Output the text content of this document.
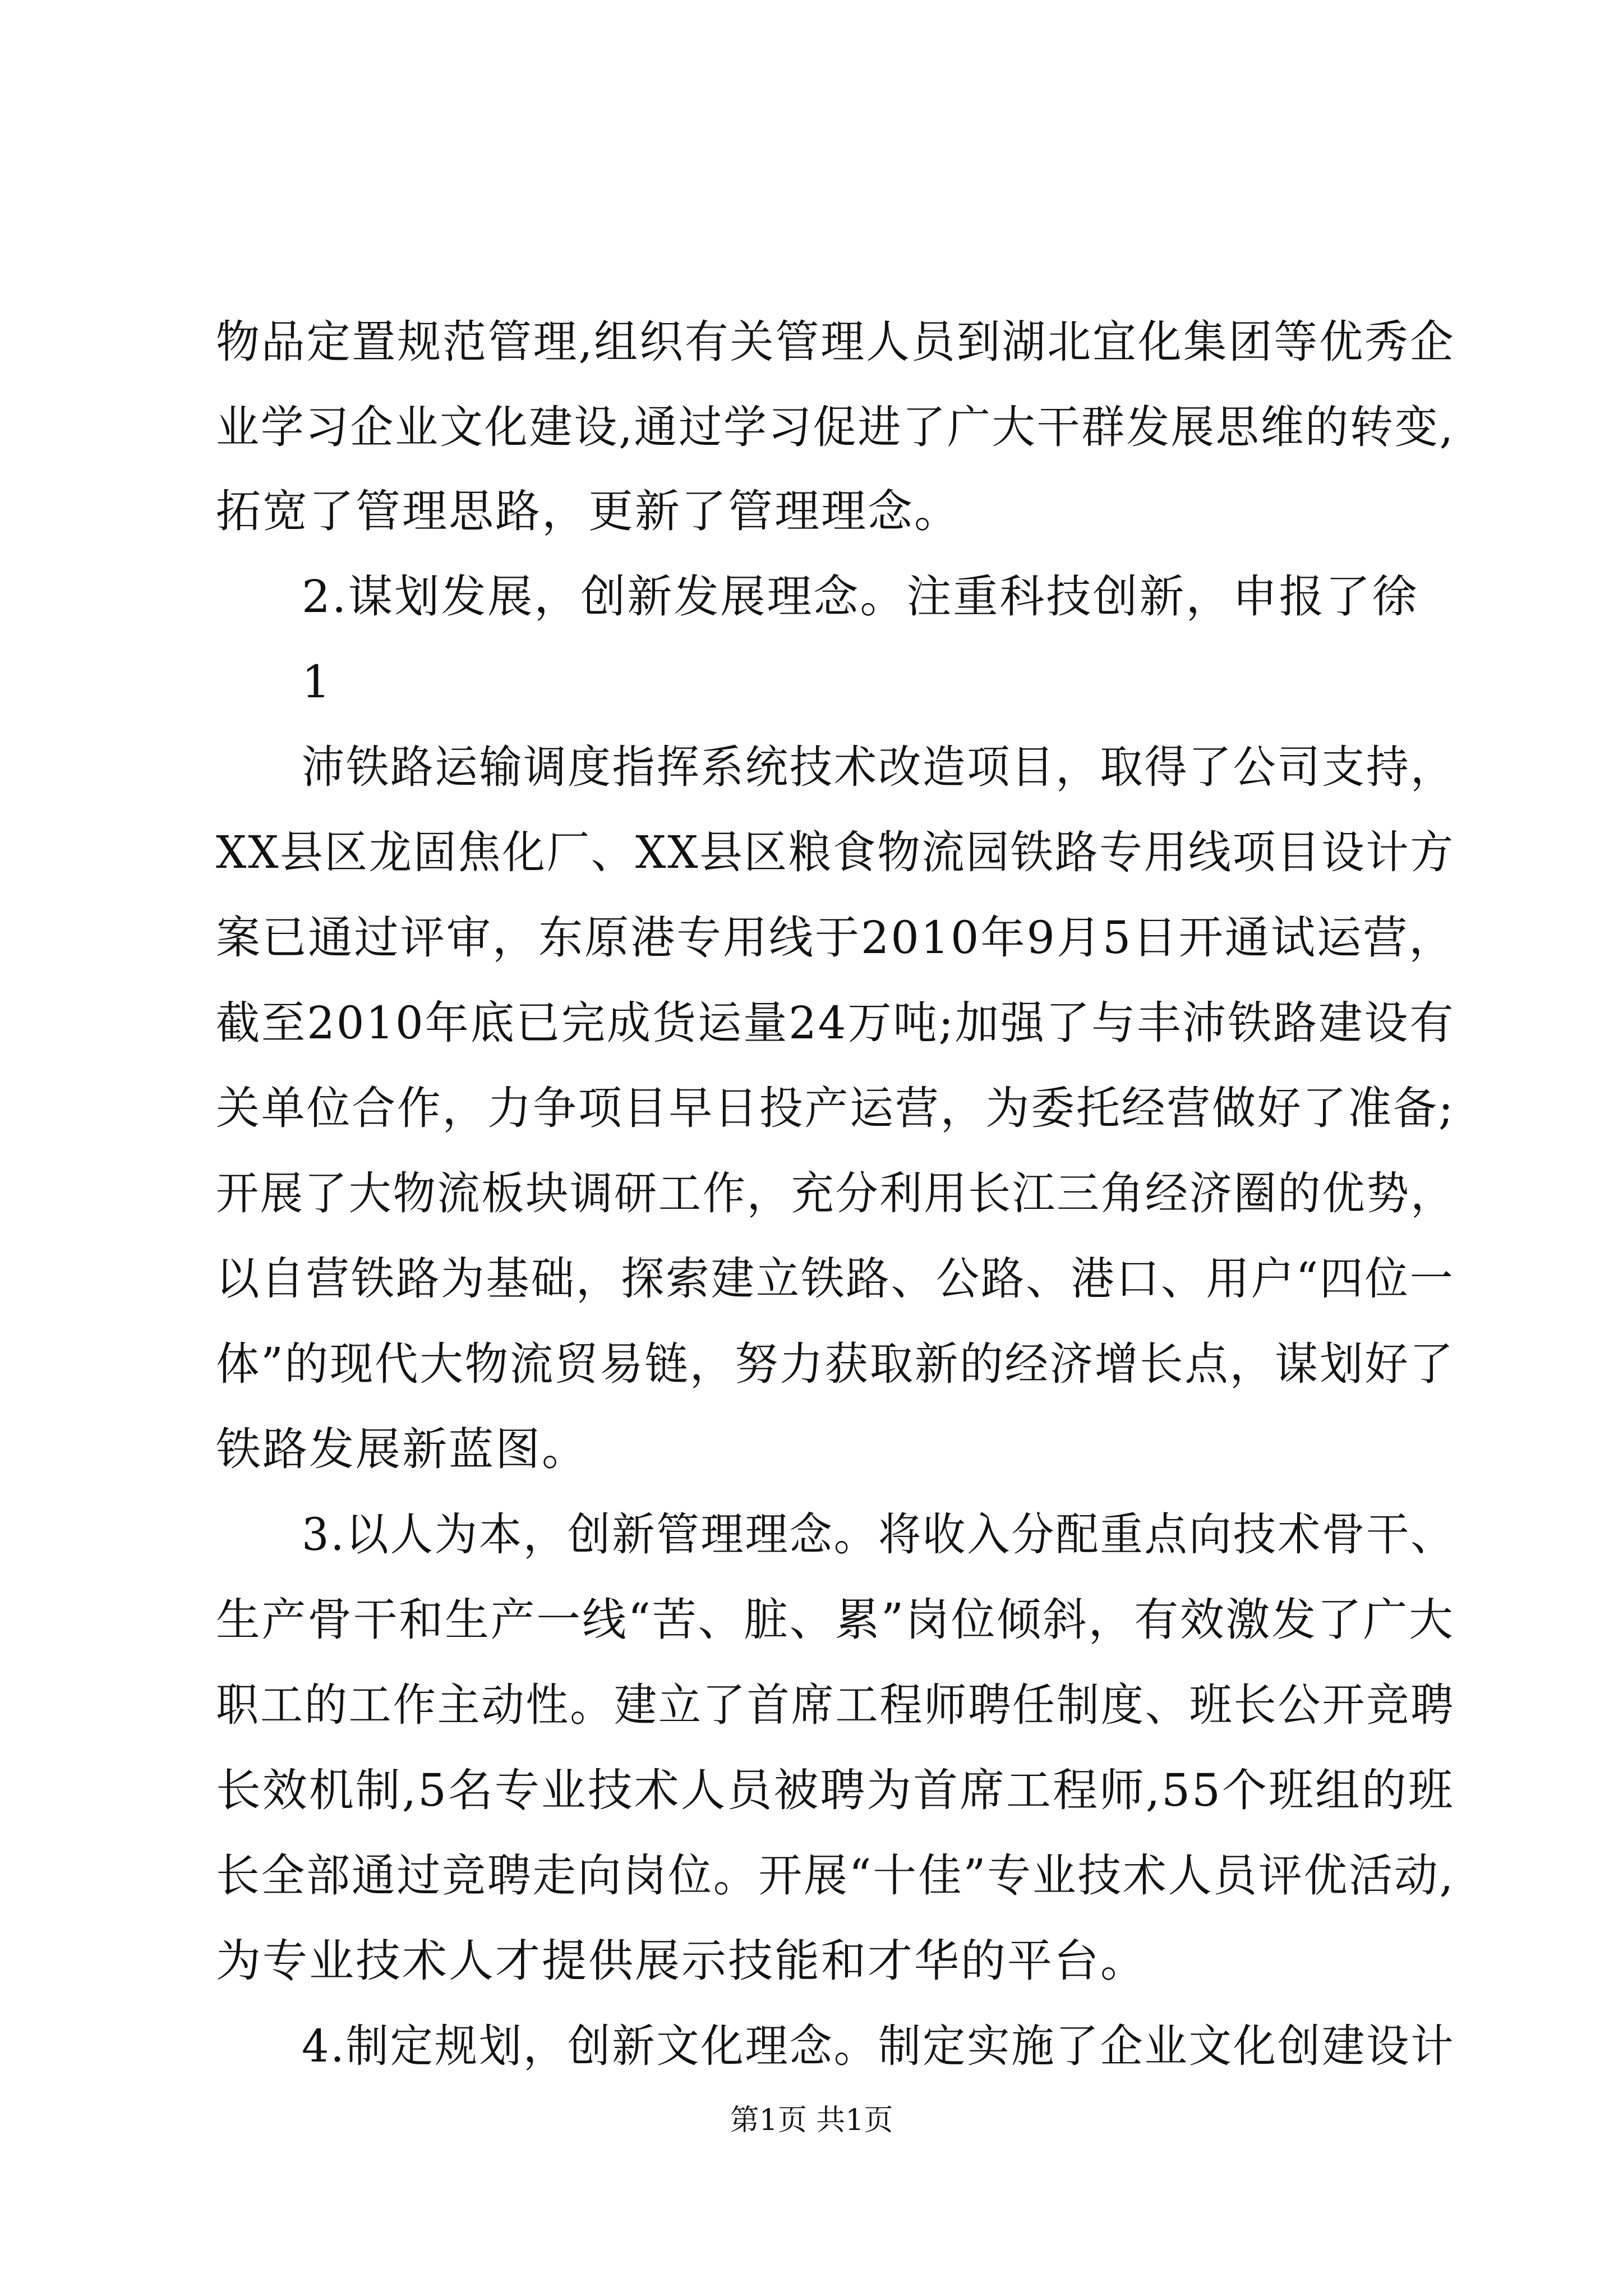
物品定置规范管理,组织有关管理人员到湖北宜化集团等优秀企
业学习企业文化建设,通过学习促进了广大干群发展思维的转变,
拓宽了管理思路，更新了管理理念。
2.谋划发展，创新发展理念。注重科技创新，申报了徐
1
沛铁路运输调度指挥系统技术改造项目，取得了公司支持，
XX县区龙固焦化厂、XX县区粮食物流园铁路专用线项目设计方
案已通过评审，东原港专用线于2010年9月5日开通试运营，
截至2010年底已完成货运量24万吨;加强了与丰沛铁路建设有
关单位合作，力争项目早日投产运营，为委托经营做好了准备;
开展了大物流板块调研工作，充分利用长江三角经济圈的优势，
以自营铁路为基础，探索建立铁路、公路、港口、用户“四位一
体”的现代大物流贸易链，努力获取新的经济增长点，谋划好了
铁路发展新蓝图。
3.以人为本，创新管理理念。将收入分配重点向技术骨干、
生产骨干和生产一线“苦、脏、累”岗位倾斜，有效激发了广大
职工的工作主动性。建立了首席工程师聘任制度、班长公开竞聘
长效机制,5名专业技术人员被聘为首席工程师,55个班组的班
长全部通过竞聘走向岗位。开展“十佳”专业技术人员评优活动,
为专业技术人才提供展示技能和才华的平台。
4.制定规划，创新文化理念。制定实施了企业文化创建设计
第1页 共1页
